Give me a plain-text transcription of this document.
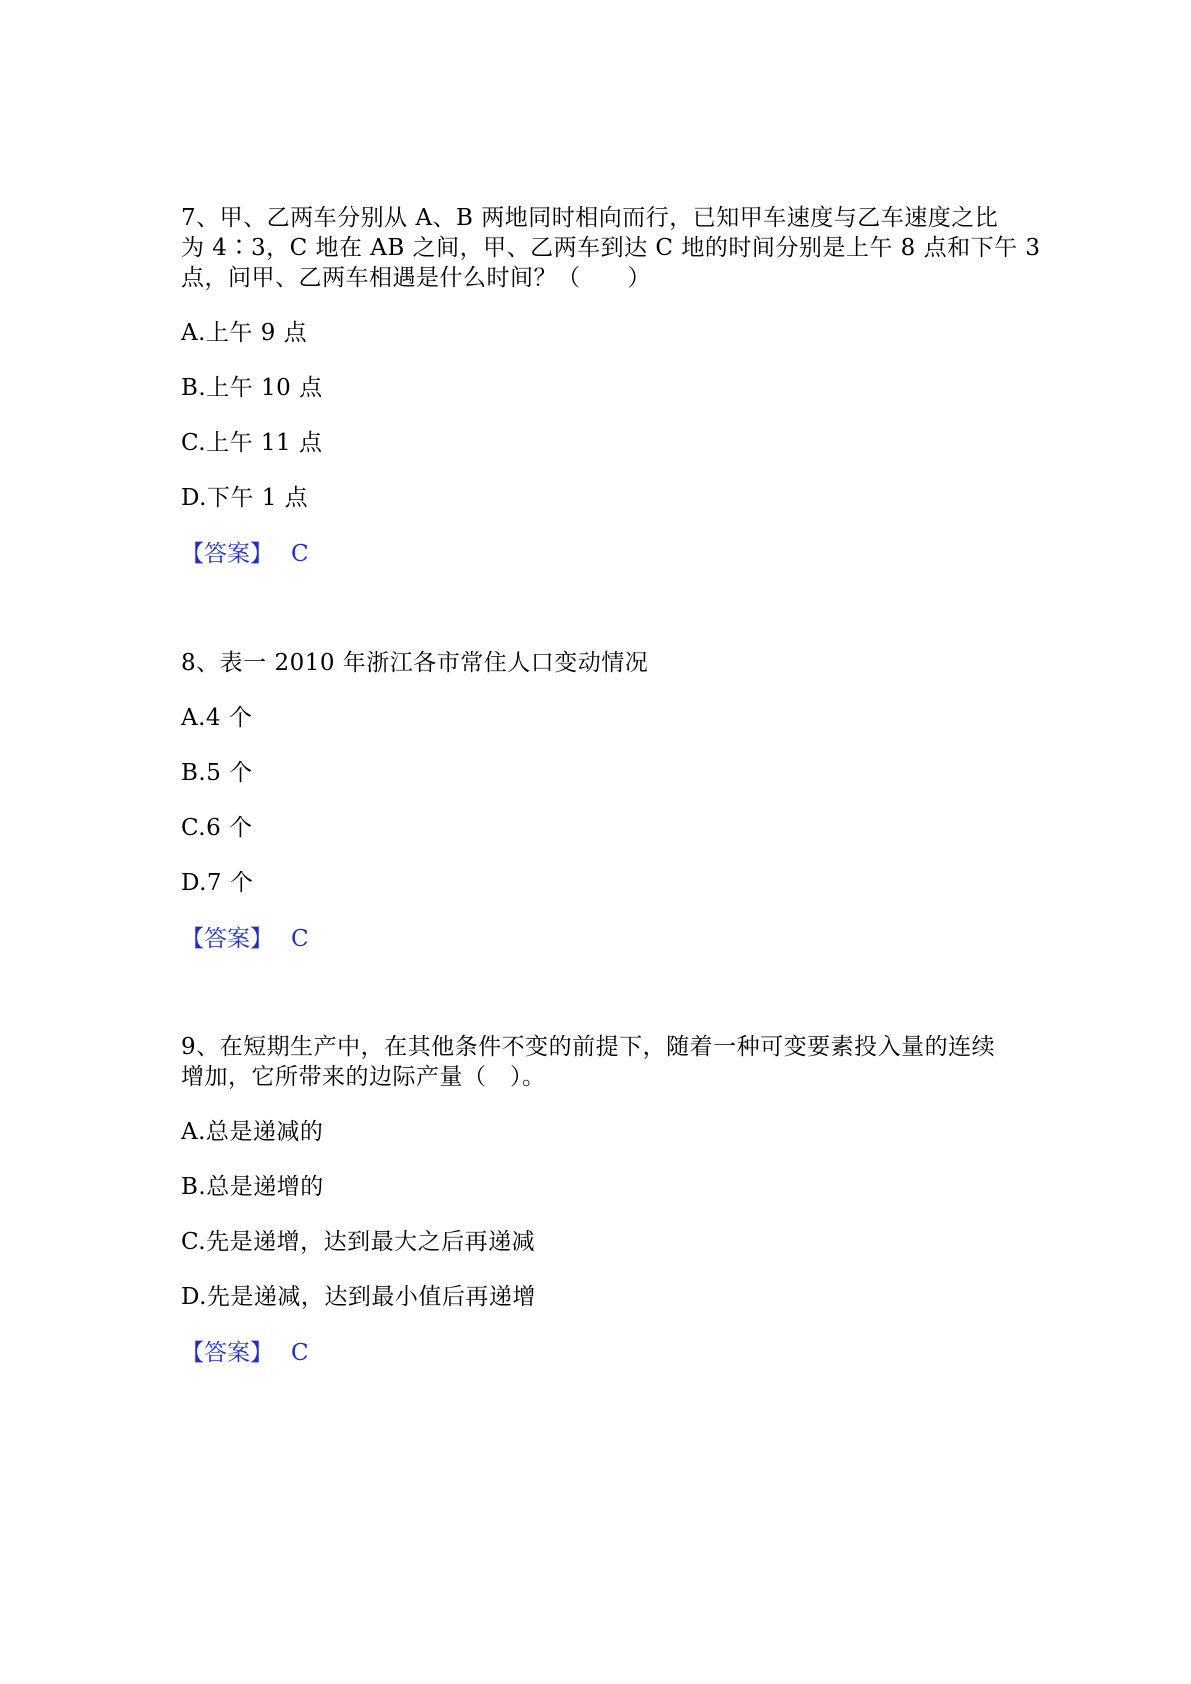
7、甲、乙两车分别从 A、B 两地同时相向而行，已知甲车速度与乙车速度之比
为 4∶3，C 地在 AB 之间，甲、乙两车到达 C 地的时间分别是上午 8 点和下午 3
点，问甲、乙两车相遇是什么时间？（　　）
A.上午 9 点
B.上午 10 点
C.上午 11 点
D.下午 1 点
【答案】 C
8、表一 2010 年浙江各市常住人口变动情况
A.4 个
B.5 个
C.6 个
D.7 个
【答案】 C
9、在短期生产中，在其他条件不变的前提下，随着一种可变要素投入量的连续
增加，它所带来的边际产量（　）。
A.总是递减的
B.总是递增的
C.先是递增，达到最大之后再递减
D.先是递减，达到最小值后再递增
【答案】 C
